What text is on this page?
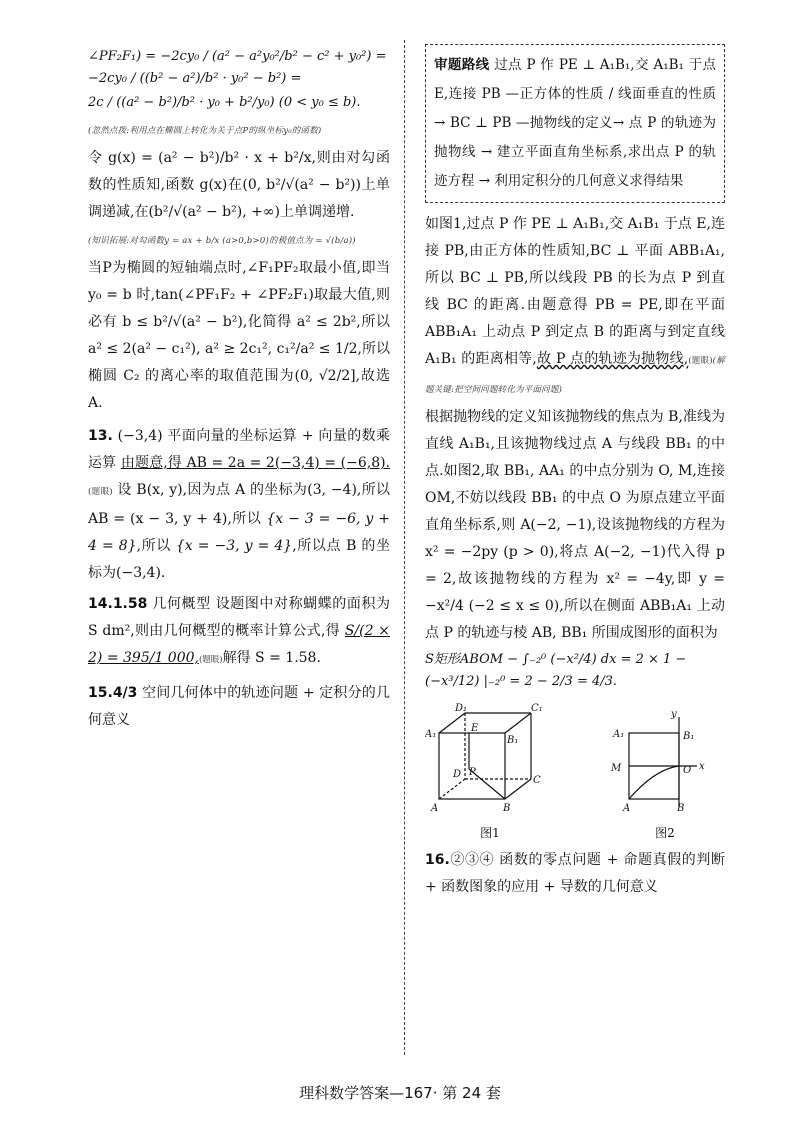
∠PF₂F₁) = −2cy₀ / (a² − a²y₀²/b² − c² + y₀²) = −2cy₀ / ((b² − a²)/b² · y₀² − b²) =
2c / ((a² − b²)/b² · y₀ + b²/y₀) (0 < y₀ ≤ b).

(忽然点拨:利用点在椭圆上转化为关于点P的纵坐标y₀的函数)

令 g(x) = (a² − b²)/b² · x + b²/x,则由对勾函数的性质知,函数 g(x)在(0, b²/√(a² − b²))上单调递减,在(b²/√(a² − b²), +∞)上单调递增.

(知识拓展:对勾函数y = ax + b/x (a>0,b>0)的极值点为 = √(b/a))

当P为椭圆的短轴端点时,∠F₁PF₂取最小值,即当 y₀ = b 时,tan(∠PF₁F₂ + ∠PF₂F₁)取最大值,则必有 b ≤ b²/√(a² − b²),化简得 a² ≤ 2b²,所以 a² ≤ 2(a² − c₁²), a² ≥ 2c₁², c₁²/a² ≤ 1/2,所以椭圆 C₂ 的离心率的取值范围为(0, √2/2],故选 A.

13. (−3,4) 平面向量的坐标运算 + 向量的数乘运算 由题意,得 AB = 2a = 2(−3,4) = (−6,8).(题眼) 设 B(x, y),因为点 A 的坐标为(3, −4),所以 AB = (x − 3, y + 4),所以 {x − 3 = −6, y + 4 = 8},所以 {x = −3, y = 4},所以点 B 的坐标为(−3,4).

14.1.58 几何概型 设题图中对称蝴蝶的面积为 S dm²,则由几何概型的概率计算公式,得 S/(2 × 2) = 395/1 000,(题眼)解得 S = 1.58.

15.4/3 空间几何体中的轨迹问题 + 定积分的几何意义

审题路线 过点 P 作 PE ⊥ A₁B₁,交 A₁B₁ 于点 E,连接 PB —正方体的性质 / 线面垂直的性质→ BC ⊥ PB —抛物线的定义→ 点 P 的轨迹为抛物线 → 建立平面直角坐标系,求出点 P 的轨迹方程 → 利用定积分的几何意义求得结果

如图1,过点 P 作 PE ⊥ A₁B₁,交 A₁B₁ 于点 E,连接 PB,由正方体的性质知,BC ⊥ 平面 ABB₁A₁,所以 BC ⊥ PB,所以线段 PB 的长为点 P 到直线 BC 的距离.由题意得 PB = PE,即在平面 ABB₁A₁ 上动点 P 到定点 B 的距离与到定直线 A₁B₁ 的距离相等,故 P 点的轨迹为抛物线,(题眼)(解题关键:把空间问题转化为平面问题)

根据抛物线的定义知该抛物线的焦点为 B,准线为直线 A₁B₁,且该抛物线过点 A 与线段 BB₁ 的中点.如图2,取 BB₁, AA₁ 的中点分别为 O, M,连接 OM,不妨以线段 BB₁ 的中点 O 为原点建立平面直角坐标系,则 A(−2, −1),设该抛物线的方程为 x² = −2py (p > 0),将点 A(−2, −1)代入得 p = 2,故该抛物线的方程为 x² = −4y,即 y = −x²/4 (−2 ≤ x ≤ 0),所以在侧面 ABB₁A₁ 上动点 P 的轨迹与棱 AB, BB₁ 所围成图形的面积为

S矩形ABOM − ∫₋₂⁰ (−x²/4) dx = 2 × 1 − (−x³/12) |₋₂⁰ = 2 − 2/3 = 4/3.
D₁	C₁
A₁
B₁
E
D P
C
A	B
图1
y
A₁	B₁
M	O x
A	B
图2

16.②③④ 函数的零点问题 + 命题真假的判断 + 函数图象的应用 + 导数的几何意义

理科数学答案—167· 第 24 套
